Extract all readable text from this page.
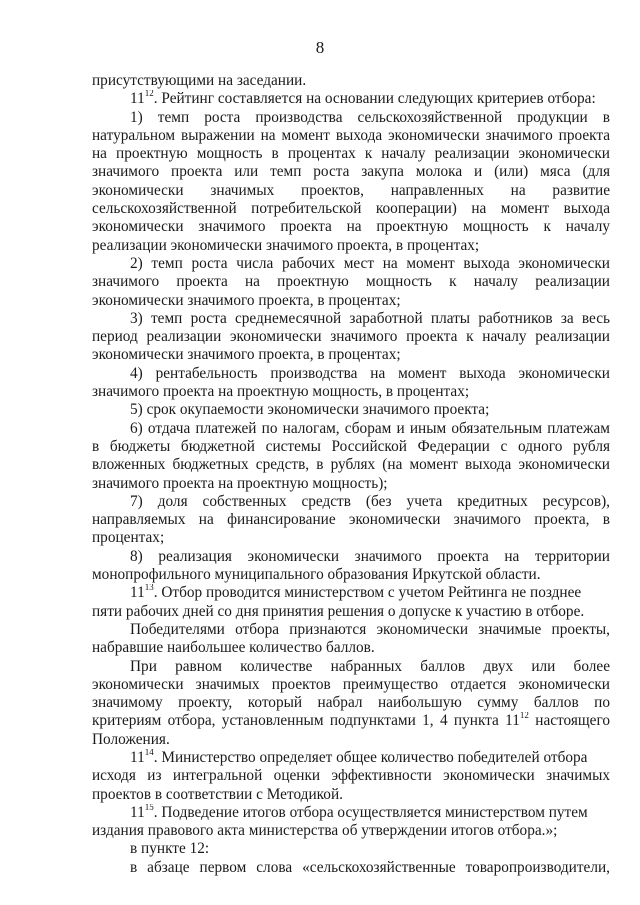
8
присутствующими на заседании.
$11^{12}$. Рейтинг составляется на основании следующих критериев отбора:
1) темп роста производства сельскохозяйственной продукции в
натуральном выражении на момент выхода экономически значимого проекта
на проектную мощность в процентах к началу реализации экономически
значимого проекта или темп роста закупа молока и (или) мяса (для
экономически значимых проектов, направленных на развитие
сельскохозяйственной потребительской кооперации) на момент выхода
экономически значимого проекта на проектную мощность к началу
реализации экономически значимого проекта, в процентах;
2) темп роста числа рабочих мест на момент выхода экономически
значимого проекта на проектную мощность к началу реализации
экономически значимого проекта, в процентах;
3) темп роста среднемесячной заработной платы работников за весь
период реализации экономически значимого проекта к началу реализации
экономически значимого проекта, в процентах;
4) рентабельность производства на момент выхода экономически
значимого проекта на проектную мощность, в процентах;
5) срок окупаемости экономически значимого проекта;
6) отдача платежей по налогам, сборам и иным обязательным платежам
в бюджеты бюджетной системы Российской Федерации с одного рубля
вложенных бюджетных средств, в рублях (на момент выхода экономически
значимого проекта на проектную мощность);
7) доля собственных средств (без учета кредитных ресурсов),
направляемых на финансирование экономически значимого проекта, в
процентах;
8) реализация экономически значимого проекта на территории
монопрофильного муниципального образования Иркутской области.
$11^{13}$. Отбор проводится министерством с учетом Рейтинга не позднее
пяти рабочих дней со дня принятия решения о допуске к участию в отборе.
Победителями отбора признаются экономически значимые проекты,
набравшие наибольшее количество баллов.
При равном количестве набранных баллов двух или более
экономически значимых проектов преимущество отдается экономически
значимому проекту, который набрал наибольшую сумму баллов по
критериям отбора, установленным подпунктами 1, 4 пункта $11^{12}$ настоящего
Положения.
$11^{14}$. Министерство определяет общее количество победителей отбора
исходя из интегральной оценки эффективности экономически значимых
проектов в соответствии с Методикой.
$11^{15}$. Подведение итогов отбора осуществляется министерством путем
издания правового акта министерства об утверждении итогов отбора.»;
в пункте 12:
в абзаце первом слова «сельскохозяйственные товаропроизводители,
